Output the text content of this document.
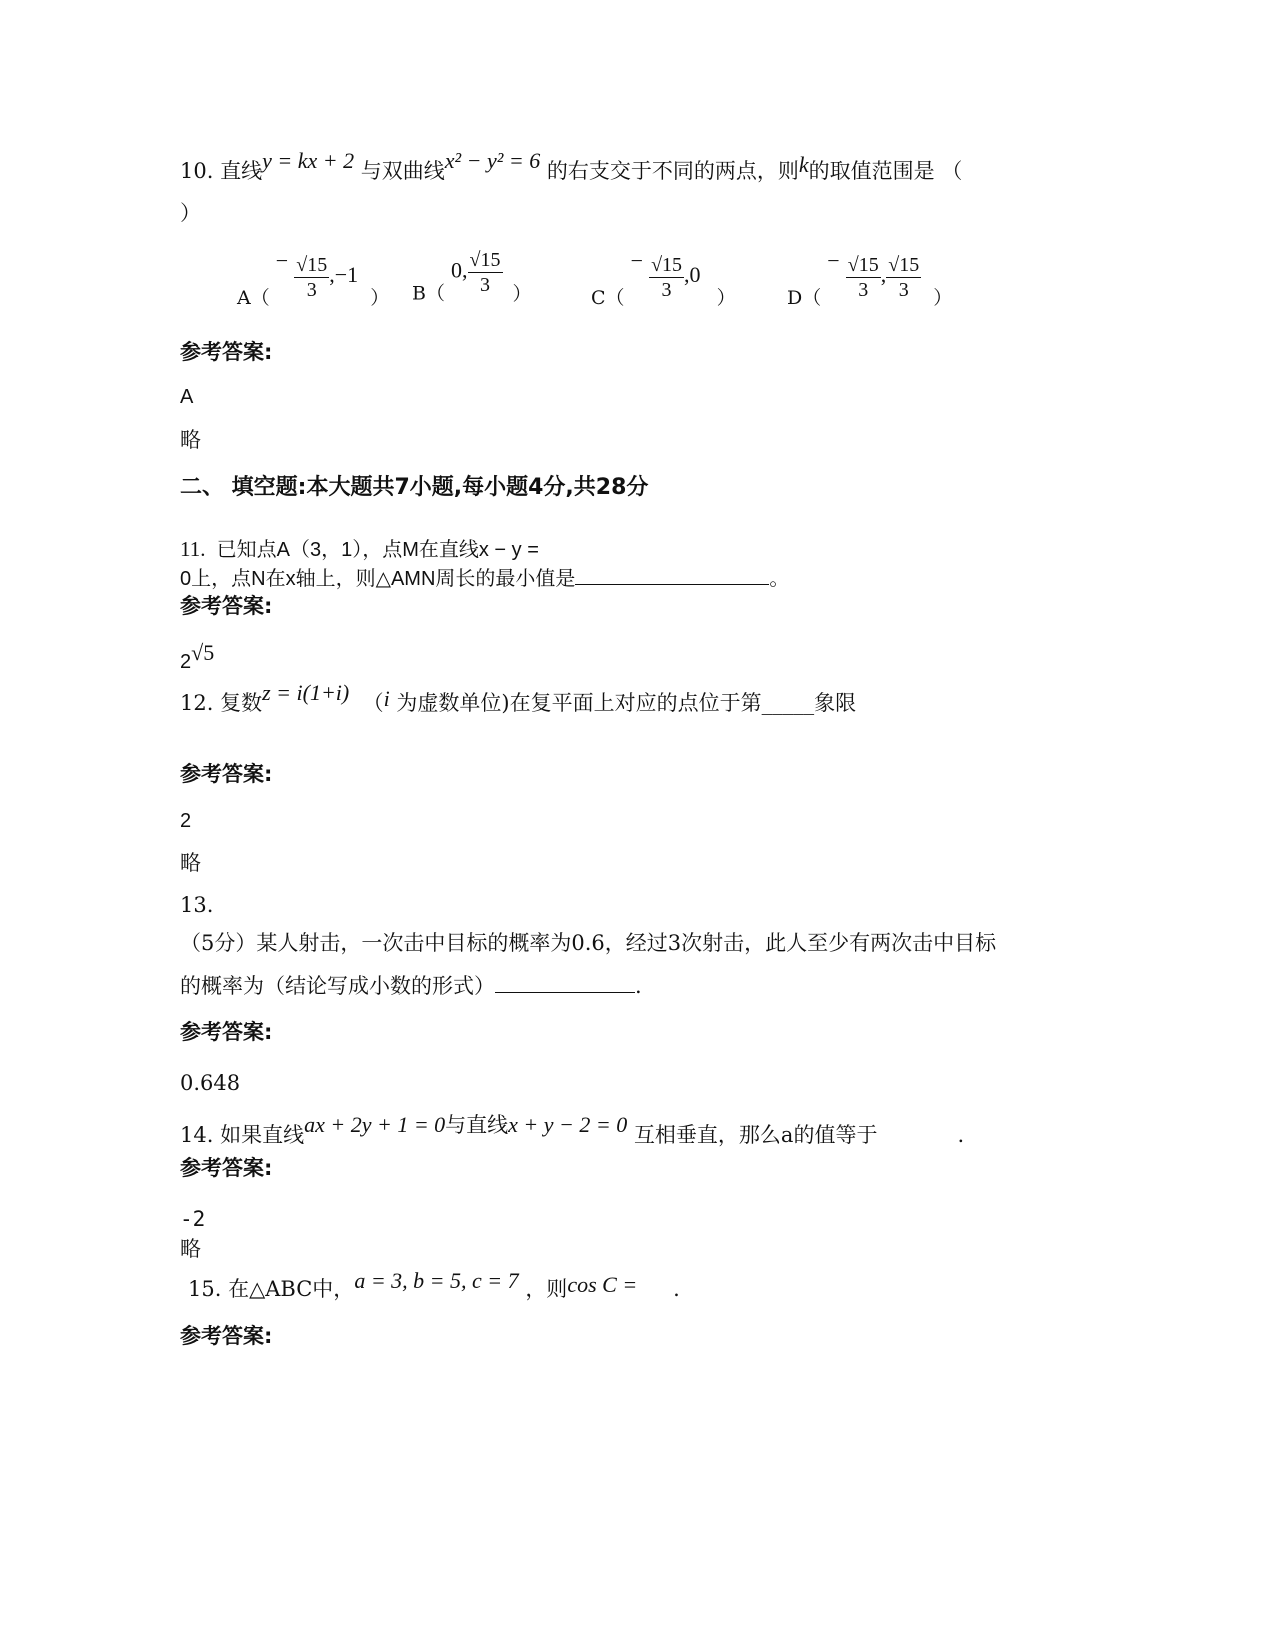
10. 直线y = kx + 2 与双曲线x² − y² = 6 的右支交于不同的两点，则k的取值范围是 （
）
$A( - \frac{√15}{3} ,-1$ ） B（ 0, $\frac{√15}{3}$ ）	$C( - \frac{√15}{3} ,0$ ）	$D( - \frac{√15}{3}$ , $\frac{√15}{3}$ ）
参考答案:
A
略
二、 填空题:本大题共7小题,每小题4分,共28分
11. 已知点A（3，1），点M在直线x − y =
0上，点N在x轴上，则△AMN周长的最小值是	。
参考答案:
2√5
12. 复数z = i(1+i) （i 为虚数单位)在复平面上对应的点位于第_____象限
参考答案:
2
略
13.
（5分）某人射击，一次击中目标的概率为0.6，经过3次射击，此人至少有两次击中目标
的概率为（结论写成小数的形式）	.
参考答案:
0.648
14. 如果直线ax + 2y + 1 = 0与直线x + y − 2 = 0 互相垂直，那么a的值等于	.
参考答案:
-2
略
15. 在△ABC中，a = 3, b = 5, c = 7 ，则cos C = .
参考答案:
